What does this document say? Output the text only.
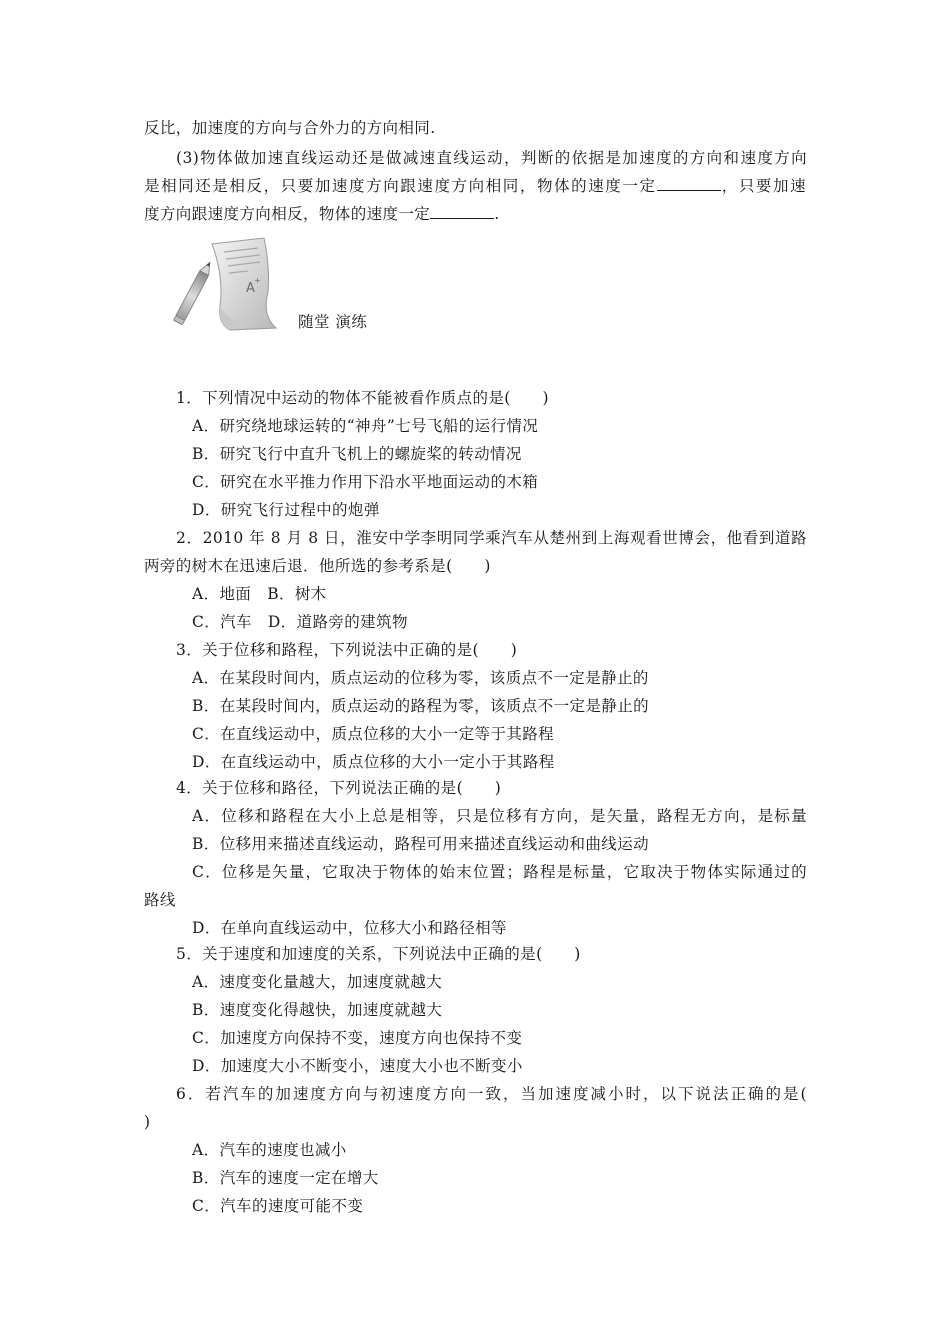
反比，加速度的方向与合外力的方向相同.
(3)物体做加速直线运动还是做减速直线运动，判断的依据是加速度的方向和速度方向
是相同还是相反，只要加速度方向跟速度方向相同，物体的速度一定	，只要加速
度方向跟速度方向相反，物体的速度一定	.
A
+
随堂 演练
1．下列情况中运动的物体不能被看作质点的是(　　)
A．研究绕地球运转的“神舟”七号飞船的运行情况
B．研究飞行中直升飞机上的螺旋桨的转动情况
C．研究在水平推力作用下沿水平地面运动的木箱
D．研究飞行过程中的炮弹
2．2010 年 8 月 8 日，淮安中学李明同学乘汽车从楚州到上海观看世博会，他看到道路
两旁的树木在迅速后退．他所选的参考系是(　　)
A．地面　B．树木
C．汽车　D．道路旁的建筑物
3．关于位移和路程，下列说法中正确的是(　　)
A．在某段时间内，质点运动的位移为零，该质点不一定是静止的
B．在某段时间内，质点运动的路程为零，该质点不一定是静止的
C．在直线运动中，质点位移的大小一定等于其路程
D．在直线运动中，质点位移的大小一定小于其路程
4．关于位移和路径，下列说法正确的是(　　)
A．位移和路程在大小上总是相等，只是位移有方向，是矢量，路程无方向，是标量
B．位移用来描述直线运动，路程可用来描述直线运动和曲线运动
C．位移是矢量，它取决于物体的始末位置；路程是标量，它取决于物体实际通过的
路线
D．在单向直线运动中，位移大小和路径相等
5．关于速度和加速度的关系，下列说法中正确的是(　　)
A．速度变化量越大，加速度就越大
B．速度变化得越快，加速度就越大
C．加速度方向保持不变，速度方向也保持不变
D．加速度大小不断变小，速度大小也不断变小
6．若汽车的加速度方向与初速度方向一致，当加速度减小时，以下说法正确的是(
)
A．汽车的速度也减小
B．汽车的速度一定在增大
C．汽车的速度可能不变
